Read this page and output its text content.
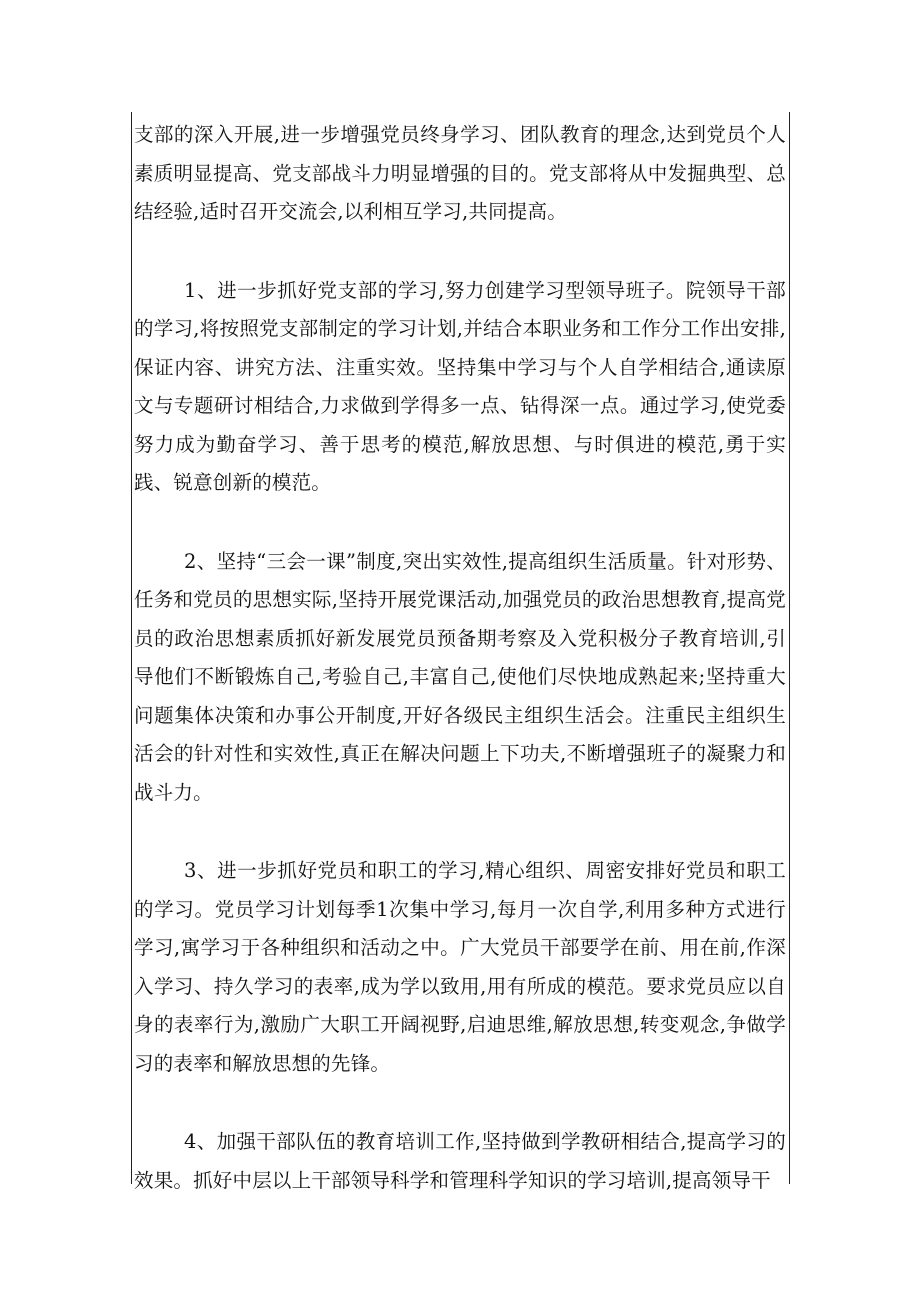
支部的深入开展,进一步增强党员终身学习、团队教育的理念,达到党员个人素质明显提高、党支部战斗力明显增强的目的。党支部将从中发掘典型、总结经验,适时召开交流会,以利相互学习,共同提高。

1、进一步抓好党支部的学习,努力创建学习型领导班子。院领导干部的学习,将按照党支部制定的学习计划,并结合本职业务和工作分工作出安排,保证内容、讲究方法、注重实效。坚持集中学习与个人自学相结合,通读原文与专题研讨相结合,力求做到学得多一点、钻得深一点。通过学习,使党委努力成为勤奋学习、善于思考的模范,解放思想、与时俱进的模范,勇于实践、锐意创新的模范。

2、坚持“三会一课”制度,突出实效性,提高组织生活质量。针对形势、任务和党员的思想实际,坚持开展党课活动,加强党员的政治思想教育,提高党员的政治思想素质抓好新发展党员预备期考察及入党积极分子教育培训,引导他们不断锻炼自己,考验自己,丰富自己,使他们尽快地成熟起来;坚持重大问题集体决策和办事公开制度,开好各级民主组织生活会。注重民主组织生活会的针对性和实效性,真正在解决问题上下功夫,不断增强班子的凝聚力和战斗力。

3、进一步抓好党员和职工的学习,精心组织、周密安排好党员和职工的学习。党员学习计划每季1次集中学习,每月一次自学,利用多种方式进行学习,寓学习于各种组织和活动之中。广大党员干部要学在前、用在前,作深入学习、持久学习的表率,成为学以致用,用有所成的模范。要求党员应以自身的表率行为,激励广大职工开阔视野,启迪思维,解放思想,转变观念,争做学习的表率和解放思想的先锋。

4、加强干部队伍的教育培训工作,坚持做到学教研相结合,提高学习的效果。抓好中层以上干部领导科学和管理科学知识的学习培训,提高领导干
